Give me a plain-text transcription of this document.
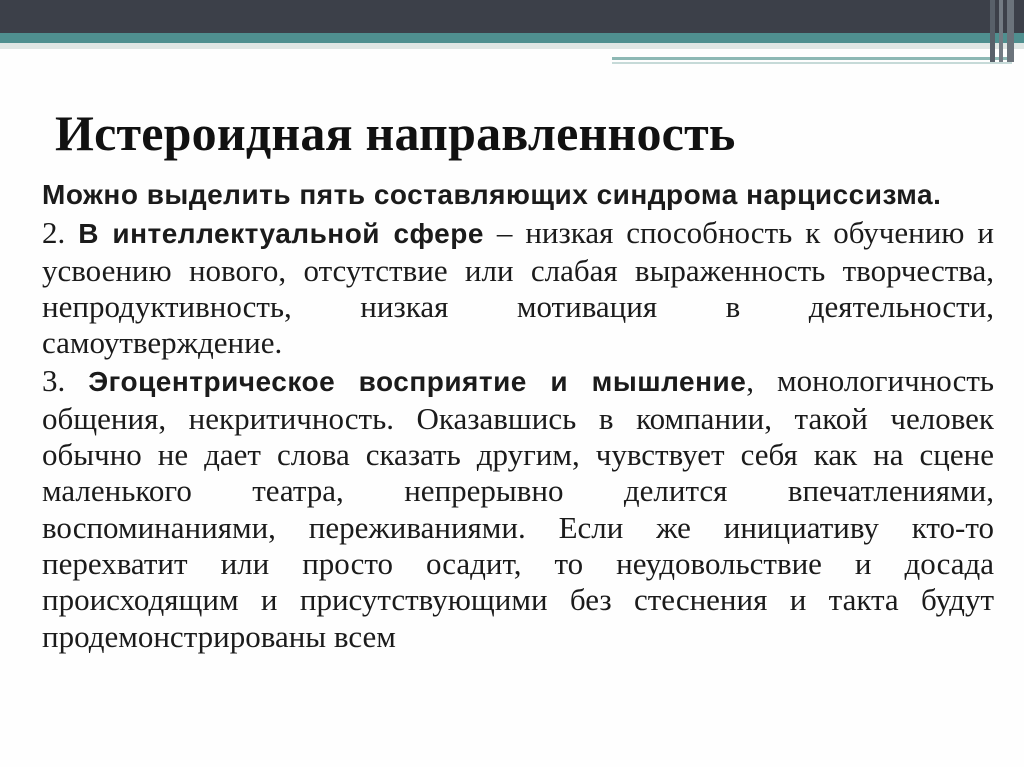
Истероидная направленность

Можно выделить пять составляющих синдрома нарциссизма.

2. В интеллектуальной сфере – низкая способность к обучению и усвоению нового, отсутствие или слабая выраженность творчества, непродуктивность, низкая мотивация в деятельности, самоутверждение.

3. Эгоцентрическое восприятие и мышление, монологичность общения, некритичность. Оказавшись в компании, такой человек обычно не дает слова сказать другим, чувствует себя как на сцене маленького театра, непрерывно делится впечатлениями, воспоминаниями, переживаниями. Если же инициативу кто-то перехватит или просто осадит, то неудовольствие и досада происходящим и присутствующими без стеснения и такта будут продемонстрированы всем
